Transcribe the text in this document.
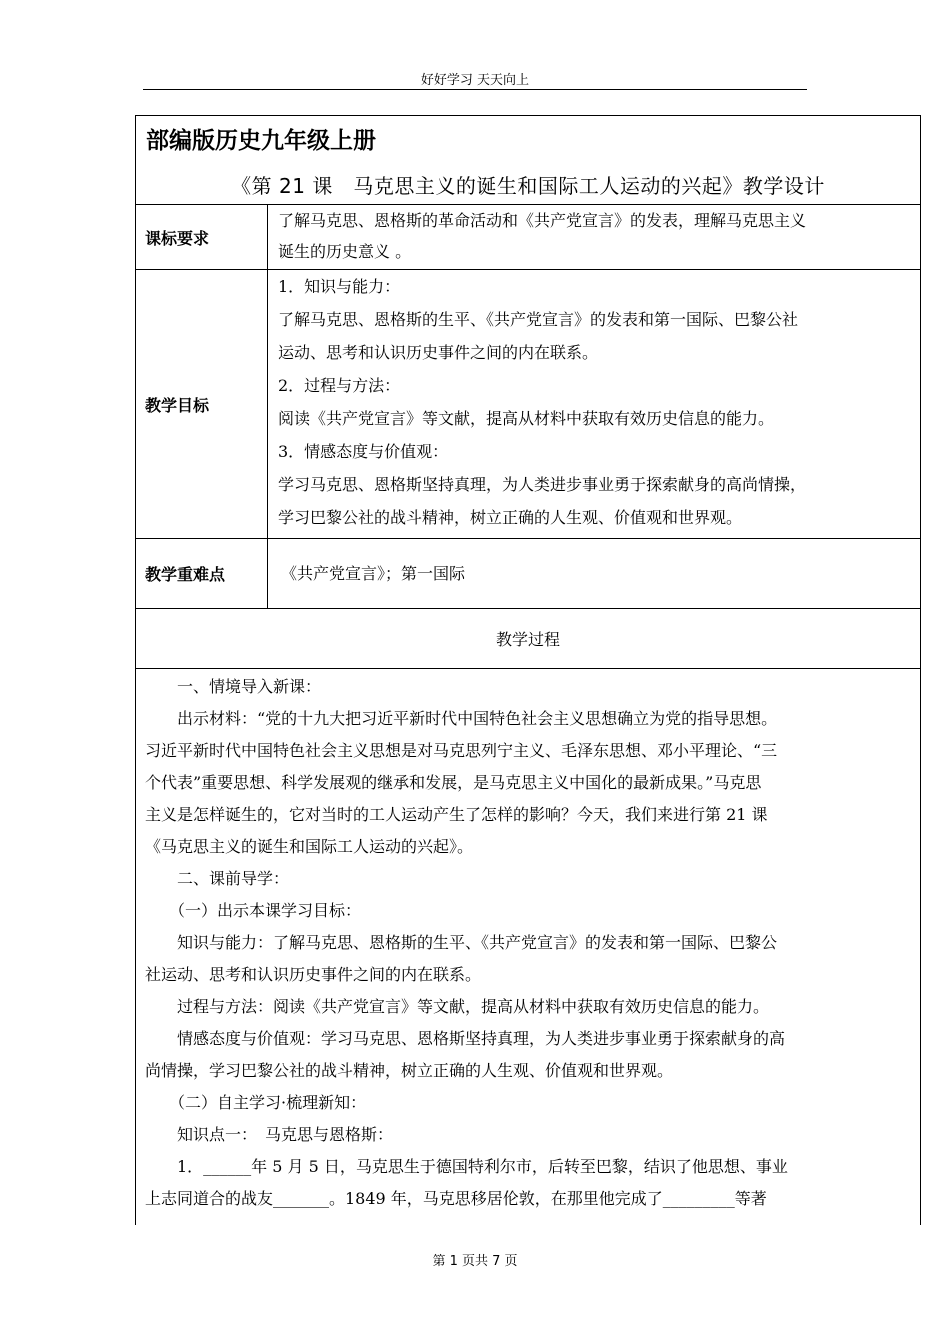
好好学习 天天向上
部编版历史九年级上册
《第 21 课　马克思主义的诞生和国际工人运动的兴起》教学设计
课标要求
了解马克思、恩格斯的革命活动和《共产党宣言》的发表，理解马克思主义
诞生的历史意义 。
教学目标
1．知识与能力：
了解马克思、恩格斯的生平、《共产党宣言》的发表和第一国际、巴黎公社
运动、思考和认识历史事件之间的内在联系。
2．过程与方法：
阅读《共产党宣言》等文献，提高从材料中获取有效历史信息的能力。
3．情感态度与价值观：
学习马克思、恩格斯坚持真理，为人类进步事业勇于探索献身的高尚情操，
学习巴黎公社的战斗精神，树立正确的人生观、价值观和世界观。
教学重难点	《共产党宣言》；第一国际
教学过程

一、情境导入新课：

出示材料：“党的十九大把习近平新时代中国特色社会主义思想确立为党的指导思想。

习近平新时代中国特色社会主义思想是对马克思列宁主义、毛泽东思想、邓小平理论、“三

个代表”重要思想、科学发展观的继承和发展，是马克思主义中国化的最新成果。”马克思

主义是怎样诞生的，它对当时的工人运动产生了怎样的影响？今天，我们来进行第 21 课

《马克思主义的诞生和国际工人运动的兴起》。

二、课前导学：

（一）出示本课学习目标：

知识与能力：了解马克思、恩格斯的生平、《共产党宣言》的发表和第一国际、巴黎公

社运动、思考和认识历史事件之间的内在联系。

过程与方法：阅读《共产党宣言》等文献，提高从材料中获取有效历史信息的能力。

情感态度与价值观：学习马克思、恩格斯坚持真理，为人类进步事业勇于探索献身的高

尚情操，学习巴黎公社的战斗精神，树立正确的人生观、价值观和世界观。

（二）自主学习·梳理新知：

知识点一：　马克思与恩格斯：

1．______年 5 月 5 日，马克思生于德国特利尔市，后转至巴黎，结识了他思想、事业

上志同道合的战友_______。1849 年，马克思移居伦敦，在那里他完成了_________等著

第 1 页共 7 页
